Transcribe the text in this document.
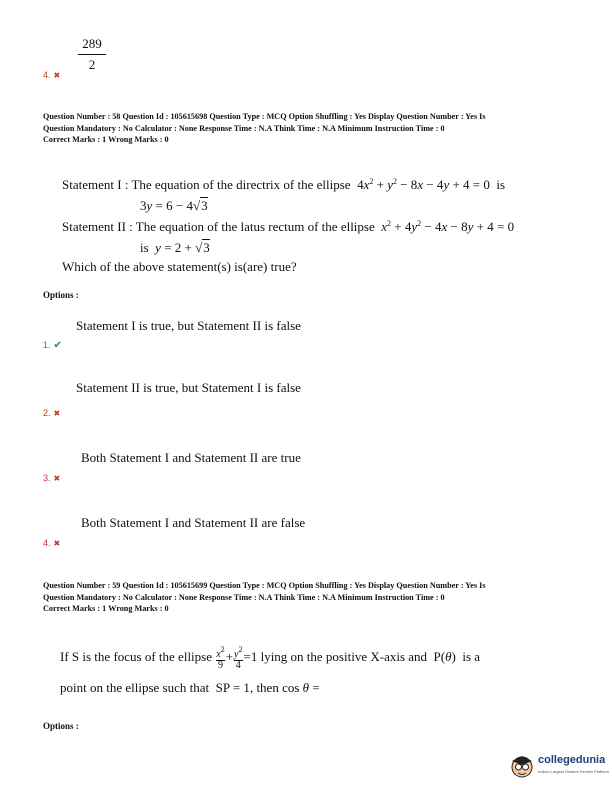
$\frac{289}{2}$
4. ✖
Question Number : 58 Question Id : 105615698 Question Type : MCQ Option Shuffling : Yes Display Question Number : Yes Is
Question Mandatory : No Calculator : None Response Time : N.A Think Time : N.A Minimum Instruction Time : 0
Correct Marks : 1 Wrong Marks : 0
Statement I : The equation of the directrix of the ellipse  $4x^2 + y^2 - 8x - 4y + 4 = 0$  is
3y = 6 − 4√3
Statement II : The equation of the latus rectum of the ellipse $x^2 + 4y^2 - 4x - 8y + 4 = 0$
is y = 2 + √3
Which of the above statement(s) is(are) true?
Options :
Statement I is true, but Statement II is false
1. ✔
Statement II is true, but Statement I is false
2. ✖
Both Statement I and Statement II are true
3. ✖
Both Statement I and Statement II are false
4. ✖
Question Number : 59 Question Id : 105615699 Question Type : MCQ Option Shuffling : Yes Display Question Number : Yes Is
Question Mandatory : No Calculator : None Response Time : N.A Think Time : N.A Minimum Instruction Time : 0
Correct Marks : 1 Wrong Marks : 0
If S is the focus of the ellipse $\frac{x^2}{9} + \frac{y^2}{4} =1$ lying on the positive X-axis and  P(θ)  is a
point on the ellipse such that  SP = 1, then cos θ =
Options :
collegedunia
India's Largest Student Review Platform
